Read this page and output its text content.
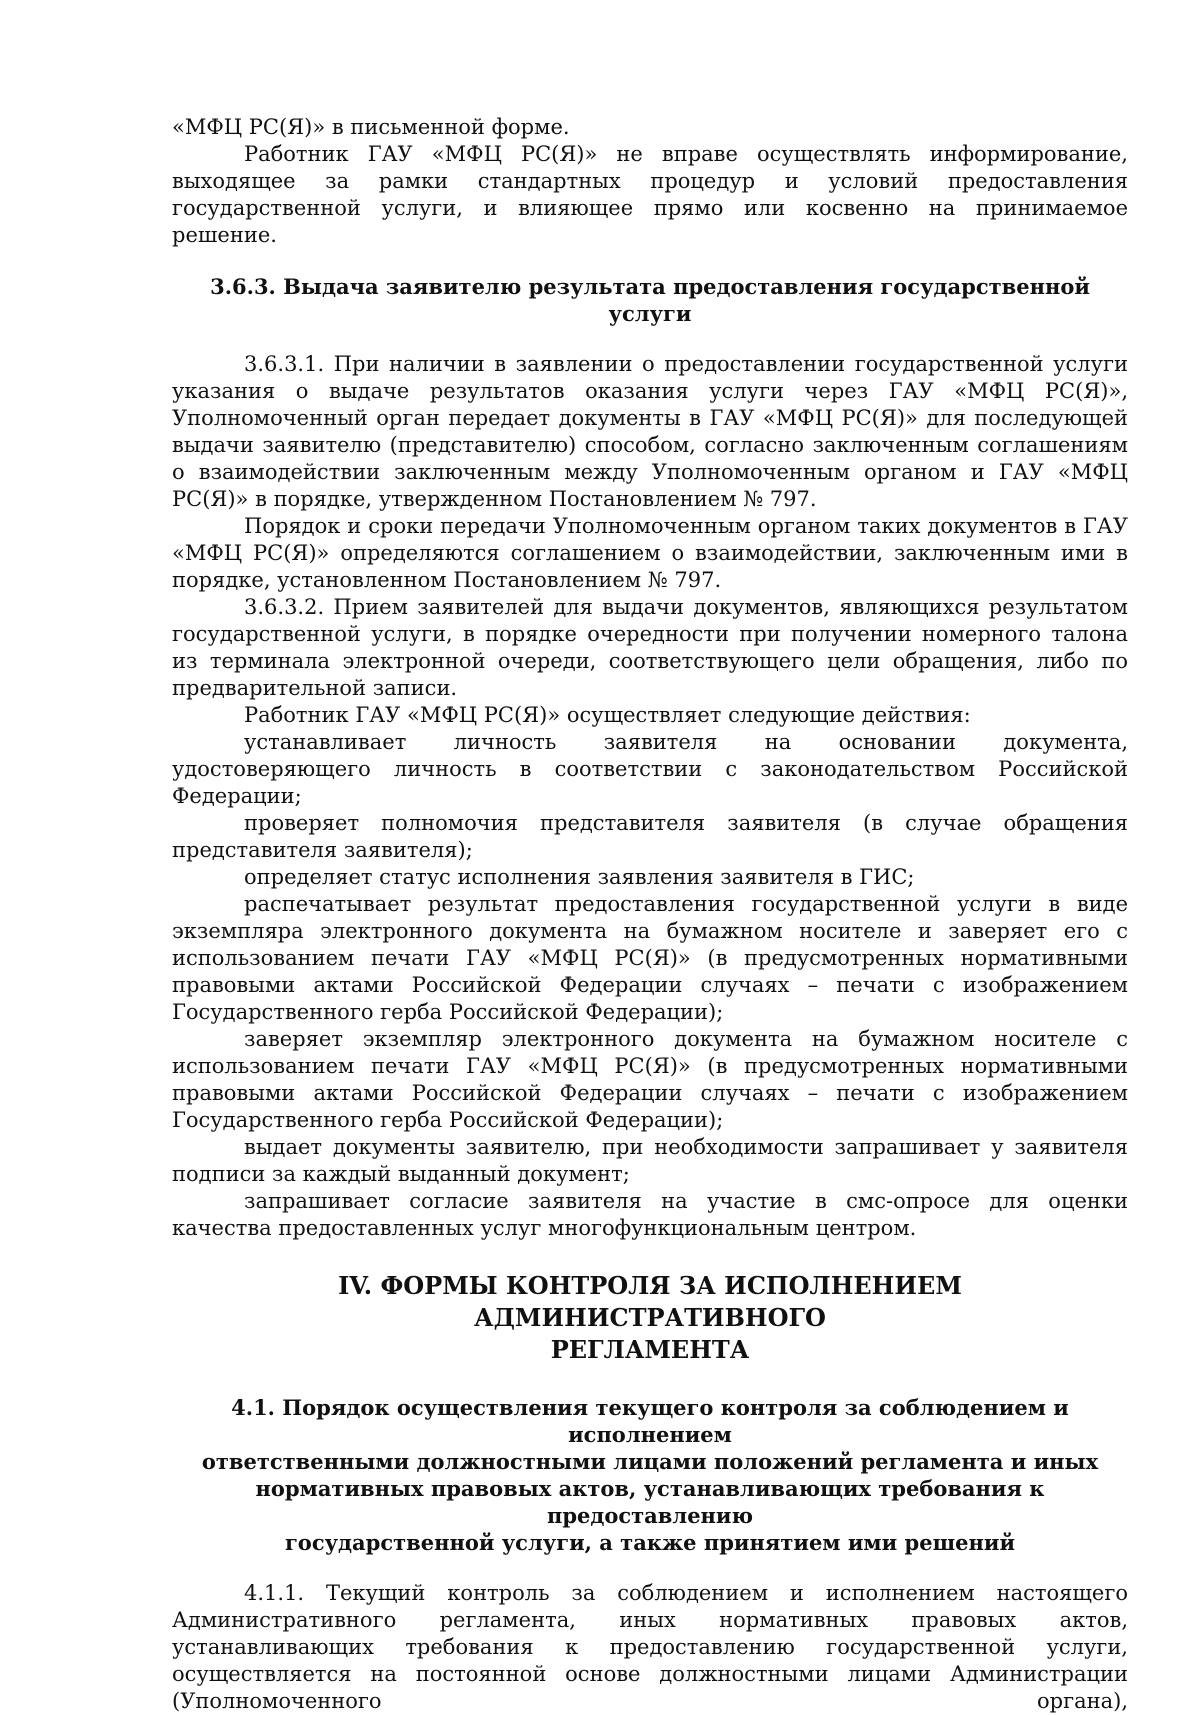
«МФЦ РС(Я)» в письменной форме.

Работник ГАУ «МФЦ РС(Я)» не вправе осуществлять информирование, выходящее за рамки стандартных процедур и условий предоставления государственной услуги, и влияющее прямо или косвенно на принимаемое решение.

3.6.3. Выдача заявителю результата предоставления государственной услуги

3.6.3.1. При наличии в заявлении о предоставлении государственной услуги указания о выдаче результатов оказания услуги через ГАУ «МФЦ РС(Я)», Уполномоченный орган передает документы в ГАУ «МФЦ РС(Я)» для последующей выдачи заявителю (представителю) способом, согласно заключенным соглашениям о взаимодействии заключенным между Уполномоченным органом и ГАУ «МФЦ РС(Я)» в порядке, утвержденном Постановлением № 797.

Порядок и сроки передачи Уполномоченным органом таких документов в ГАУ «МФЦ РС(Я)» определяются соглашением о взаимодействии, заключенным ими в порядке, установленном Постановлением № 797.

3.6.3.2. Прием заявителей для выдачи документов, являющихся результатом государственной услуги, в порядке очередности при получении номерного талона из терминала электронной очереди, соответствующего цели обращения, либо по предварительной записи.

Работник ГАУ «МФЦ РС(Я)» осуществляет следующие действия:

устанавливает личность заявителя на основании документа, удостоверяющего личность в соответствии с законодательством Российской Федерации;

проверяет полномочия представителя заявителя (в случае обращения представителя заявителя);

определяет статус исполнения заявления заявителя в ГИС;

распечатывает результат предоставления государственной услуги в виде экземпляра электронного документа на бумажном носителе и заверяет его с использованием печати ГАУ «МФЦ РС(Я)» (в предусмотренных нормативными правовыми актами Российской Федерации случаях – печати с изображением Государственного герба Российской Федерации);

заверяет экземпляр электронного документа на бумажном носителе с использованием печати ГАУ «МФЦ РС(Я)» (в предусмотренных нормативными правовыми актами Российской Федерации случаях – печати с изображением Государственного герба Российской Федерации);

выдает документы заявителю, при необходимости запрашивает у заявителя подписи за каждый выданный документ;

запрашивает согласие заявителя на участие в смс-опросе для оценки качества предоставленных услуг многофункциональным центром.

IV. ФОРМЫ КОНТРОЛЯ ЗА ИСПОЛНЕНИЕМ АДМИНИСТРАТИВНОГО
РЕГЛАМЕНТА
4.1. Порядок осуществления текущего контроля за соблюдением и исполнением
ответственными должностными лицами положений регламента и иных
нормативных правовых актов, устанавливающих требования к предоставлению
государственной услуги, а также принятием ими решений

4.1.1. Текущий контроль за соблюдением и исполнением настоящего Административного регламента, иных нормативных правовых актов, устанавливающих требования к предоставлению государственной услуги, осуществляется на постоянной основе должностными лицами Администрации (Уполномоченного органа),
